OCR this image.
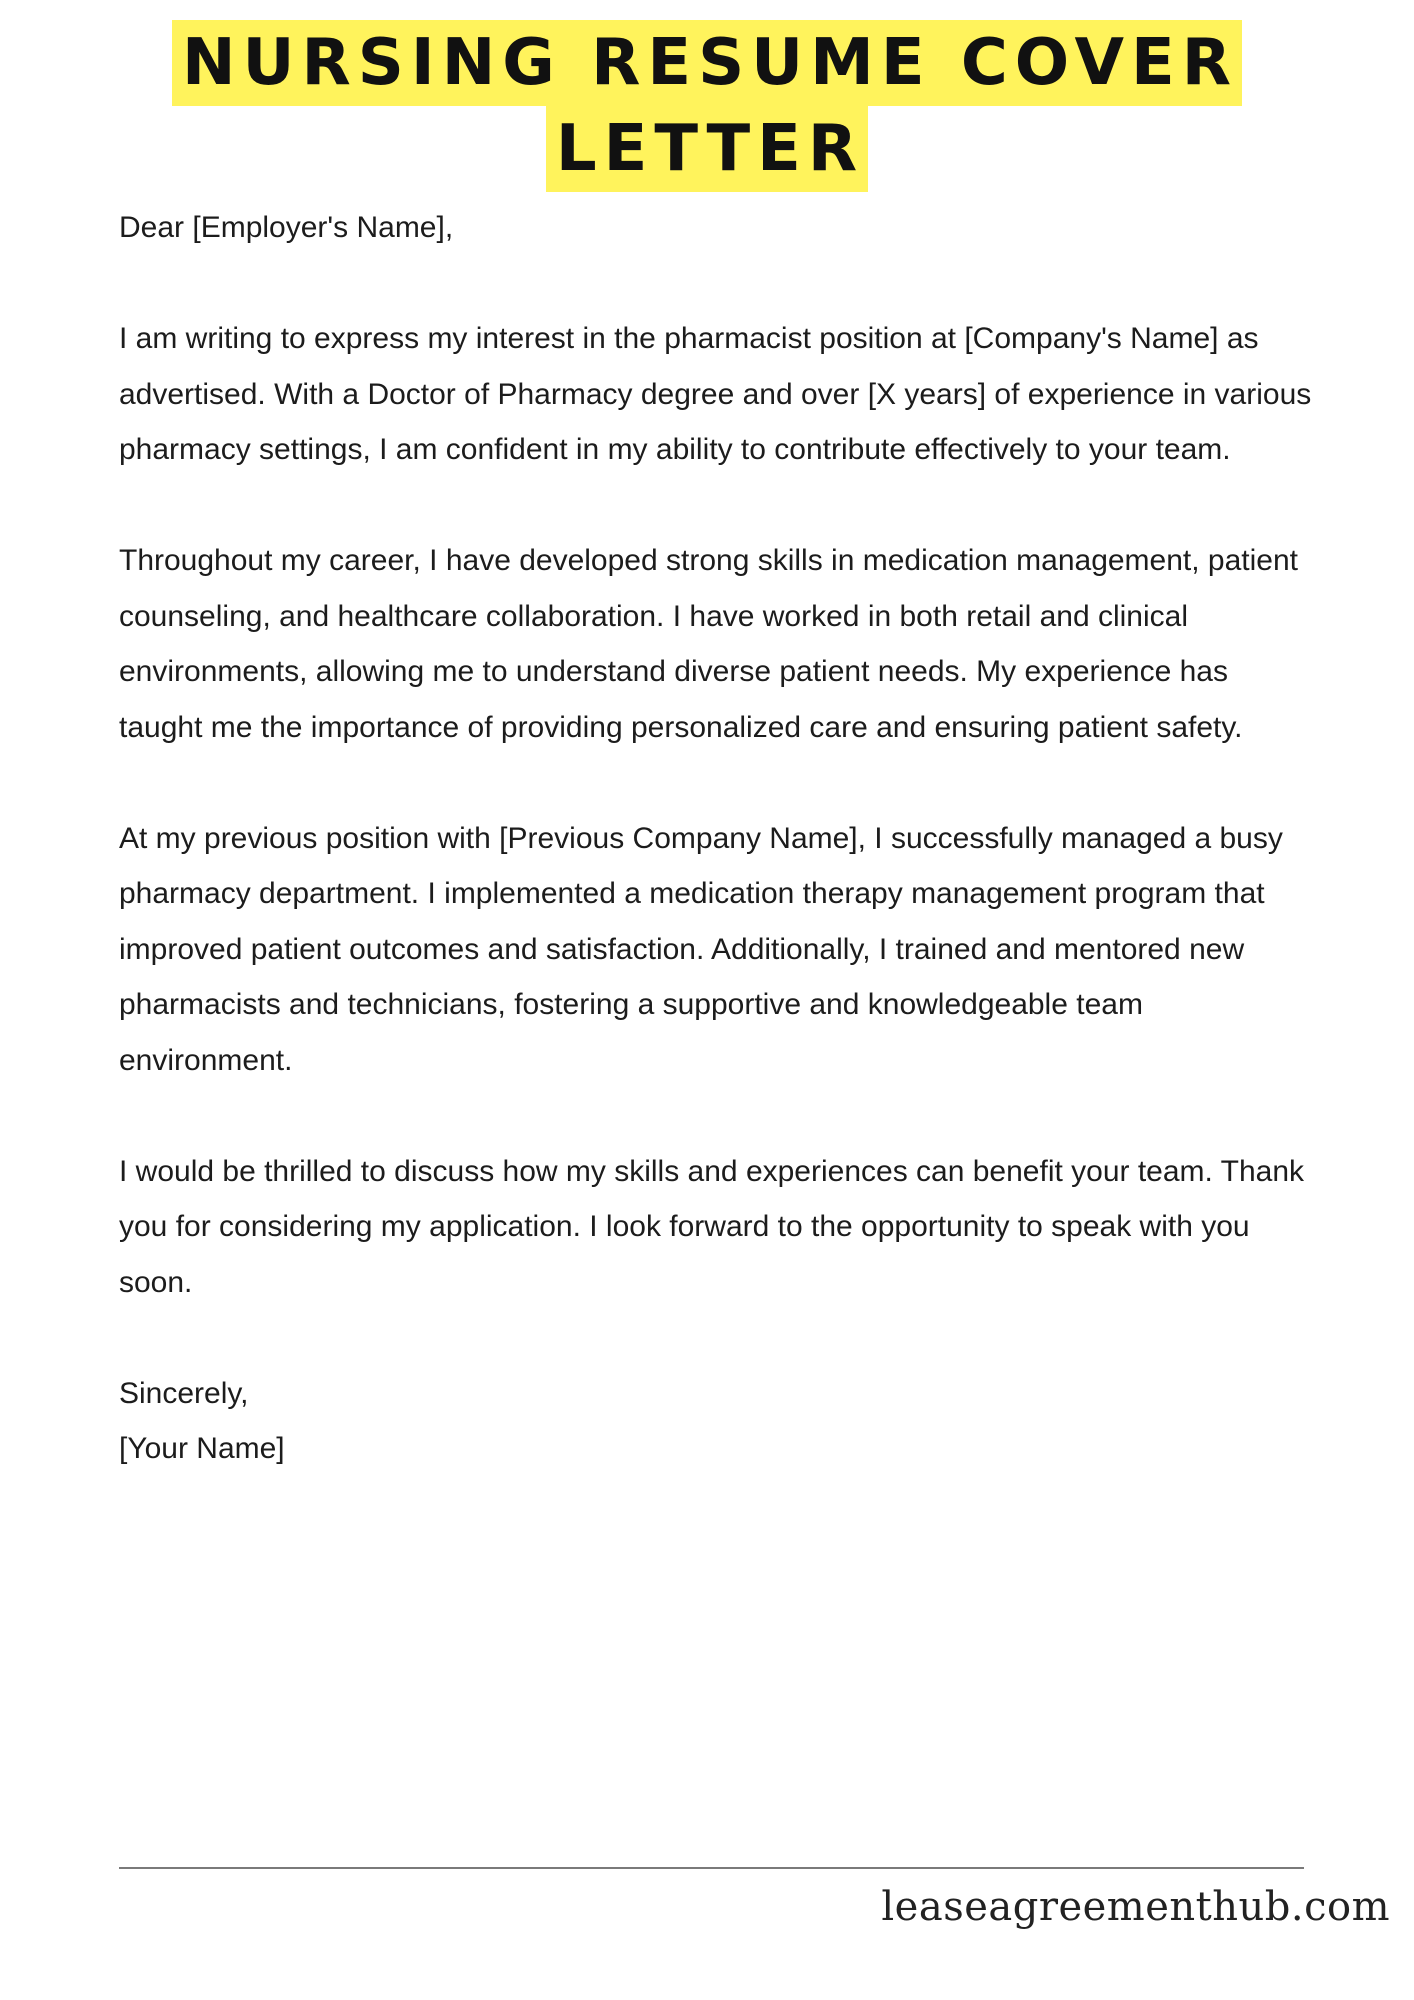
NURSING RESUME COVER
LETTER

Dear [Employer's Name],

I am writing to express my interest in the pharmacist position at [Company's Name] as advertised. With a Doctor of Pharmacy degree and over [X years] of experience in various pharmacy settings, I am confident in my ability to contribute effectively to your team.

Throughout my career, I have developed strong skills in medication management, patient counseling, and healthcare collaboration. I have worked in both retail and clinical environments, allowing me to understand diverse patient needs. My experience has taught me the importance of providing personalized care and ensuring patient safety.

At my previous position with [Previous Company Name], I successfully managed a busy pharmacy department. I implemented a medication therapy management program that improved patient outcomes and satisfaction. Additionally, I trained and mentored new pharmacists and technicians, fostering a supportive and knowledgeable team environment.

I would be thrilled to discuss how my skills and experiences can benefit your team. Thank you for considering my application. I look forward to the opportunity to speak with you soon.

Sincerely,

[Your Name]

leaseagreementhub.com
